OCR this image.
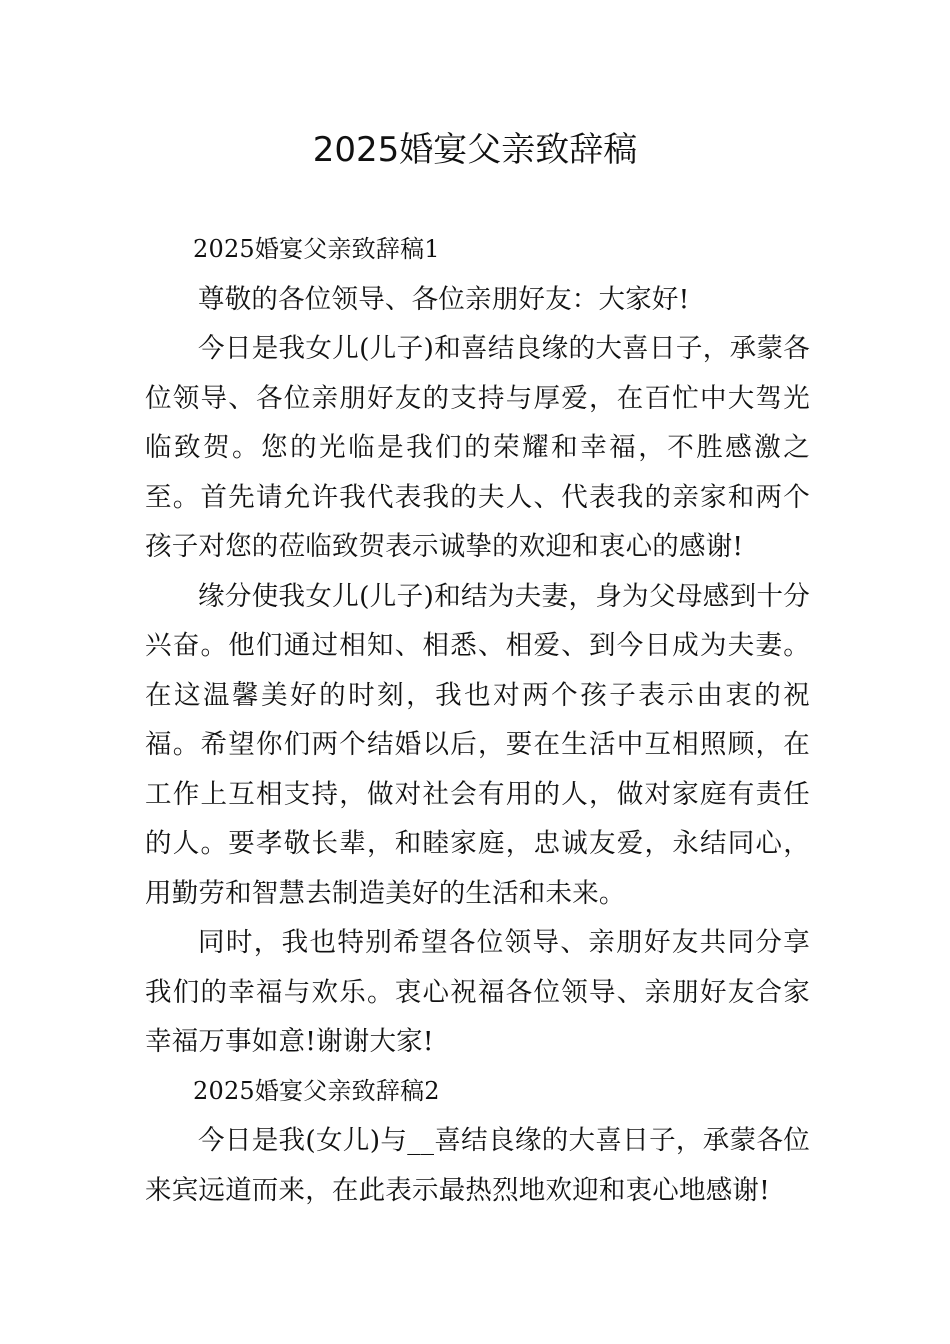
2025婚宴父亲致辞稿

2025婚宴父亲致辞稿1

尊敬的各位领导、各位亲朋好友：大家好!

今日是我女儿(儿子)和喜结良缘的大喜日子，承蒙各位领导、各位亲朋好友的支持与厚爱，在百忙中大驾光临致贺。您的光临是我们的荣耀和幸福，不胜感激之至。首先请允许我代表我的夫人、代表我的亲家和两个孩子对您的莅临致贺表示诚挚的欢迎和衷心的感谢!

缘分使我女儿(儿子)和结为夫妻，身为父母感到十分兴奋。他们通过相知、相悉、相爱、到今日成为夫妻。在这温馨美好的时刻，我也对两个孩子表示由衷的祝福。希望你们两个结婚以后，要在生活中互相照顾，在工作上互相支持，做对社会有用的人，做对家庭有责任的人。要孝敬长辈，和睦家庭，忠诚友爱，永结同心，用勤劳和智慧去制造美好的生活和未来。

同时，我也特别希望各位领导、亲朋好友共同分享我们的幸福与欢乐。衷心祝福各位领导、亲朋好友合家幸福万事如意!谢谢大家!

2025婚宴父亲致辞稿2

今日是我(女儿)与__喜结良缘的大喜日子，承蒙各位来宾远道而来，在此表示最热烈地欢迎和衷心地感谢!
